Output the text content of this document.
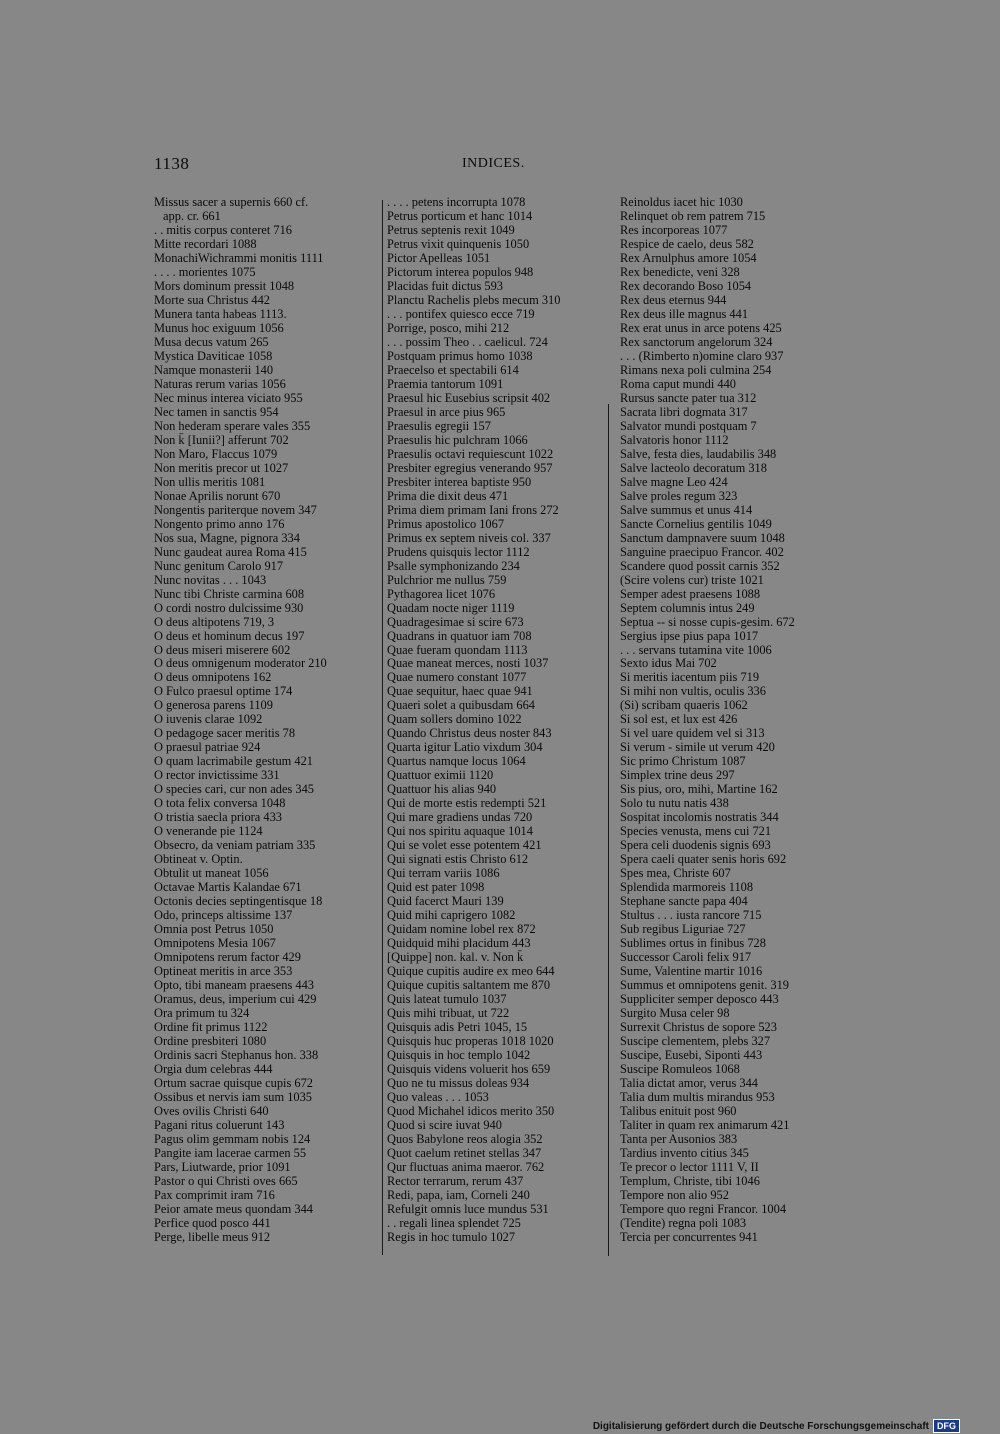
1138	INDICES.
Missus sacer a supernis 660 cf.
app. cr. 661
. . mitis corpus conteret 716
Mitte recordari 1088
MonachiWichrammi monitis 1111
. . . . morientes 1075
Mors dominum pressit 1048
Morte sua Christus 442
Munera tanta habeas 1113.
Munus hoc exiguum 1056
Musa decus vatum 265
Mystica Daviticae 1058
Namque monasterii 140
Naturas rerum varias 1056
Nec minus interea viciato 955
Nec tamen in sanctis 954
Non hederam sperare vales 355
Non k̄ [Iunii?] afferunt 702
Non Maro, Flaccus 1079
Non meritis precor ut 1027
Non ullis meritis 1081
Nonae Aprilis norunt 670
Nongentis pariterque novem 347
Nongento primo anno 176
Nos sua, Magne, pignora 334
Nunc gaudeat aurea Roma 415
Nunc genitum Carolo 917
Nunc novitas . . . 1043
Nunc tibi Christe carmina 608
O cordi nostro dulcissime 930
O deus altipotens 719, 3
O deus et hominum decus 197
O deus miseri miserere 602
O deus omnigenum moderator 210
O deus omnipotens 162
O Fulco praesul optime 174
O generosa parens 1109
O iuvenis clarae 1092
O pedagoge sacer meritis 78
O praesul patriae 924
O quam lacrimabile gestum 421
O rector invictissime 331
O species cari, cur non ades 345
O tota felix conversa 1048
O tristia saecla priora 433
O venerande pie 1124
Obsecro, da veniam patriam 335
Obtineat v. Optin.
Obtulit ut maneat 1056
Octavae Martis Kalandae 671
Octonis decies septingentisque 18
Odo, princeps altissime 137
Omnia post Petrus 1050
Omnipotens Mesia 1067
Omnipotens rerum factor 429
Optineat meritis in arce 353
Opto, tibi maneam praesens 443
Oramus, deus, imperium cui 429
Ora primum tu 324
Ordine fit primus 1122
Ordine presbiteri 1080
Ordinis sacri Stephanus hon. 338
Orgia dum celebras 444
Ortum sacrae quisque cupis 672
Ossibus et nervis iam sum 1035
Oves ovilis Christi 640
Pagani ritus coluerunt 143
Pagus olim gemmam nobis 124
Pangite iam lacerae carmen 55
Pars, Liutwarde, prior 1091
Pastor o qui Christi oves 665
Pax comprimit iram 716
Peior amate meus quondam 344
Perfice quod posco 441
Perge, libelle meus 912
. . . . petens incorrupta 1078
Petrus porticum et hanc 1014
Petrus septenis rexit 1049
Petrus vixit quinquenis 1050
Pictor Apelleas 1051
Pictorum interea populos 948
Placidas fuit dictus 593
Planctu Rachelis plebs mecum 310
. . . pontifex quiesco ecce 719
Porrige, posco, mihi 212
. . . possim Theo . . caelicul. 724
Postquam primus homo 1038
Praecelso et spectabili 614
Praemia tantorum 1091
Praesul hic Eusebius scripsit 402
Praesul in arce pius 965
Praesulis egregii 157
Praesulis hic pulchram 1066
Praesulis octavi requiescunt 1022
Presbiter egregius venerando 957
Presbiter interea baptiste 950
Prima die dixit deus 471
Prima diem primam Iani frons 272
Primus apostolico 1067
Primus ex septem niveis col. 337
Prudens quisquis lector 1112
Psalle symphonizando 234
Pulchrior me nullus 759
Pythagorea licet 1076
Quadam nocte niger 1119
Quadragesimae si scire 673
Quadrans in quatuor iam 708
Quae fueram quondam 1113
Quae maneat merces, nosti 1037
Quae numero constant 1077
Quae sequitur, haec quae 941
Quaeri solet a quibusdam 664
Quam sollers domino 1022
Quando Christus deus noster 843
Quarta igitur Latio vixdum 304
Quartus namque locus 1064
Quattuor eximii 1120
Quattuor his alias 940
Qui de morte estis redempti 521
Qui mare gradiens undas 720
Qui nos spiritu aquaque 1014
Qui se volet esse potentem 421
Qui signati estis Christo 612
Qui terram variis 1086
Quid est pater 1098
Quid facerct Mauri 139
Quid mihi caprigero 1082
Quidam nomine lobel rex 872
Quidquid mihi placidum 443
[Quippe] non. kal. v. Non k̄
Quique cupitis audire ex meo 644
Quique cupitis saltantem me 870
Quis lateat tumulo 1037
Quis mihi tribuat, ut 722
Quisquis adis Petri 1045, 15
Quisquis huc properas 1018 1020
Quisquis in hoc templo 1042
Quisquis videns voluerit hos 659
Quo ne tu missus doleas 934
Quo valeas . . . 1053
Quod Michahel idicos merito 350
Quod si scire iuvat 940
Quos Babylone reos alogia 352
Quot caelum retinet stellas 347
Qur fluctuas anima maeror. 762
Rector terrarum, rerum 437
Redi, papa, iam, Corneli 240
Refulgit omnis luce mundus 531
. . regali linea splendet 725
Regis in hoc tumulo 1027
Reinoldus iacet hic 1030
Relinquet ob rem patrem 715
Res incorporeas 1077
Respice de caelo, deus 582
Rex Arnulphus amore 1054
Rex benedicte, veni 328
Rex decorando Boso 1054
Rex deus eternus 944
Rex deus ille magnus 441
Rex erat unus in arce potens 425
Rex sanctorum angelorum 324
. . . (Rimberto n)omine claro 937
Rimans nexa poli culmina 254
Roma caput mundi 440
Rursus sancte pater tua 312
Sacrata libri dogmata 317
Salvator mundi postquam 7
Salvatoris honor 1112
Salve, festa dies, laudabilis 348
Salve lacteolo decoratum 318
Salve magne Leo 424
Salve proles regum 323
Salve summus et unus 414
Sancte Cornelius gentilis 1049
Sanctum dampnavere suum 1048
Sanguine praecipuo Francor. 402
Scandere quod possit carnis 352
(Scire volens cur) triste 1021
Semper adest praesens 1088
Septem columnis intus 249
Septua -- si nosse cupis-gesim. 672
Sergius ipse pius papa 1017
. . . servans tutamina vite 1006
Sexto idus Mai 702
Si meritis iacentum piis 719
Si mihi non vultis, oculis 336
(Si) scribam quaeris 1062
Si sol est, et lux est 426
Si vel uare quidem vel si 313
Si verum - simile ut verum 420
Sic primo Christum 1087
Simplex trine deus 297
Sis pius, oro, mihi, Martine 162
Solo tu nutu natis 438
Sospitat incolomis nostratis 344
Species venusta, mens cui 721
Spera celi duodenis signis 693
Spera caeli quater senis horis 692
Spes mea, Christe 607
Splendida marmoreis 1108
Stephane sancte papa 404
Stultus . . . iusta rancore 715
Sub regibus Liguriae 727
Sublimes ortus in finibus 728
Successor Caroli felix 917
Sume, Valentine martir 1016
Summus et omnipotens genit. 319
Suppliciter semper deposco 443
Surgito Musa celer 98
Surrexit Christus de sopore 523
Suscipe clementem, plebs 327
Suscipe, Eusebi, Siponti 443
Suscipe Romuleos 1068
Talia dictat amor, verus 344
Talia dum multis mirandus 953
Talibus enituit post 960
Taliter in quam rex animarum 421
Tanta per Ausonios 383
Tardius invento citius 345
Te precor o lector 1111 V, II
Templum, Christe, tibi 1046
Tempore non alio 952
Tempore quo regni Francor. 1004
(Tendite) regna poli 1083
Tercia per concurrentes 941
Digitalisierung gefördert durch die Deutsche Forschungsgemeinschaft DFG
